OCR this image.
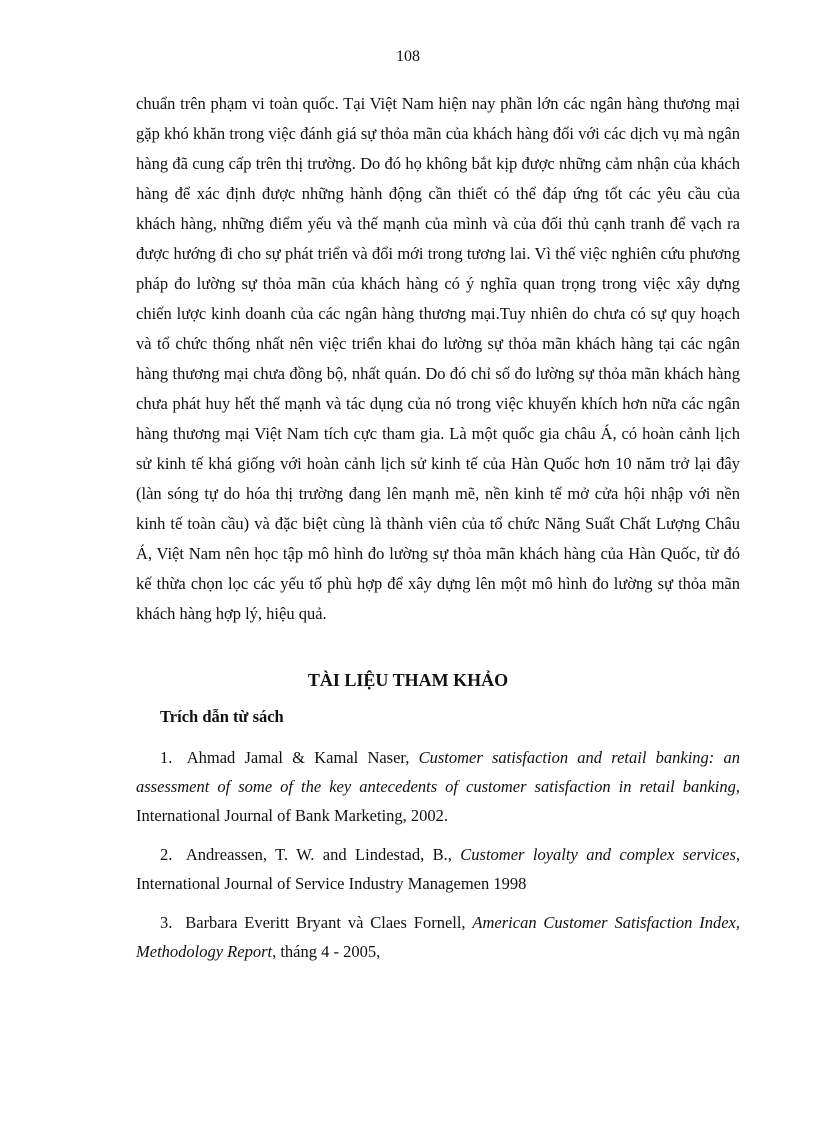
108

chuẩn trên phạm vi toàn quốc. Tại Việt Nam hiện nay phần lớn các ngân hàng thương mại gặp khó khăn trong việc đánh giá sự thỏa mãn của khách hàng đối với các dịch vụ mà ngân hàng đã cung cấp trên thị trường. Do đó họ không bắt kịp được những cảm nhận của khách hàng để xác định được những hành động cần thiết có thể đáp ứng tốt các yêu cầu của khách hàng, những điểm yếu và thế mạnh của mình và của đối thủ cạnh tranh để vạch ra được hướng đi cho sự phát triển và đổi mới trong tương lai. Vì thế việc nghiên cứu phương pháp đo lường sự thỏa mãn của khách hàng có ý nghĩa quan trọng trong việc xây dựng chiến lược kinh doanh của các ngân hàng thương mại.Tuy nhiên do chưa có sự quy hoạch và tổ chức thống nhất nên việc triển khai đo lường sự thỏa mãn khách hàng tại các ngân hàng thương mại chưa đồng bộ, nhất quán. Do đó chỉ số đo lường sự thỏa mãn khách hàng chưa phát huy hết thế mạnh và tác dụng của nó trong việc khuyến khích hơn nữa các ngân hàng thương mại Việt Nam tích cực tham gia. Là một quốc gia châu Á, có hoàn cảnh lịch sử kinh tế khá giống với hoàn cảnh lịch sử kinh tế của Hàn Quốc hơn 10 năm trở lại đây (làn sóng tự do hóa thị trường đang lên mạnh mẽ, nền kinh tế mở cửa hội nhập với nền kinh tế toàn cầu) và đặc biệt cùng là thành viên của tổ chức Năng Suất Chất Lượng Châu Á, Việt Nam nên học tập mô hình đo lường sự thỏa mãn khách hàng của Hàn Quốc, từ đó kế thừa chọn lọc các yếu tố phù hợp để xây dựng lên một mô hình đo lường sự thỏa mãn khách hàng hợp lý, hiệu quả.

TÀI LIỆU THAM KHẢO
Trích dẫn từ sách

1. Ahmad Jamal & Kamal Naser, Customer satisfaction and retail banking: an assessment of some of the key antecedents of customer satisfaction in retail banking, International Journal of Bank Marketing, 2002.

2. Andreassen, T. W. and Lindestad, B., Customer loyalty and complex services, International Journal of Service Industry Managemen 1998

3. Barbara Everitt Bryant và Claes Fornell, American Customer Satisfaction Index, Methodology Report, tháng 4 - 2005,
